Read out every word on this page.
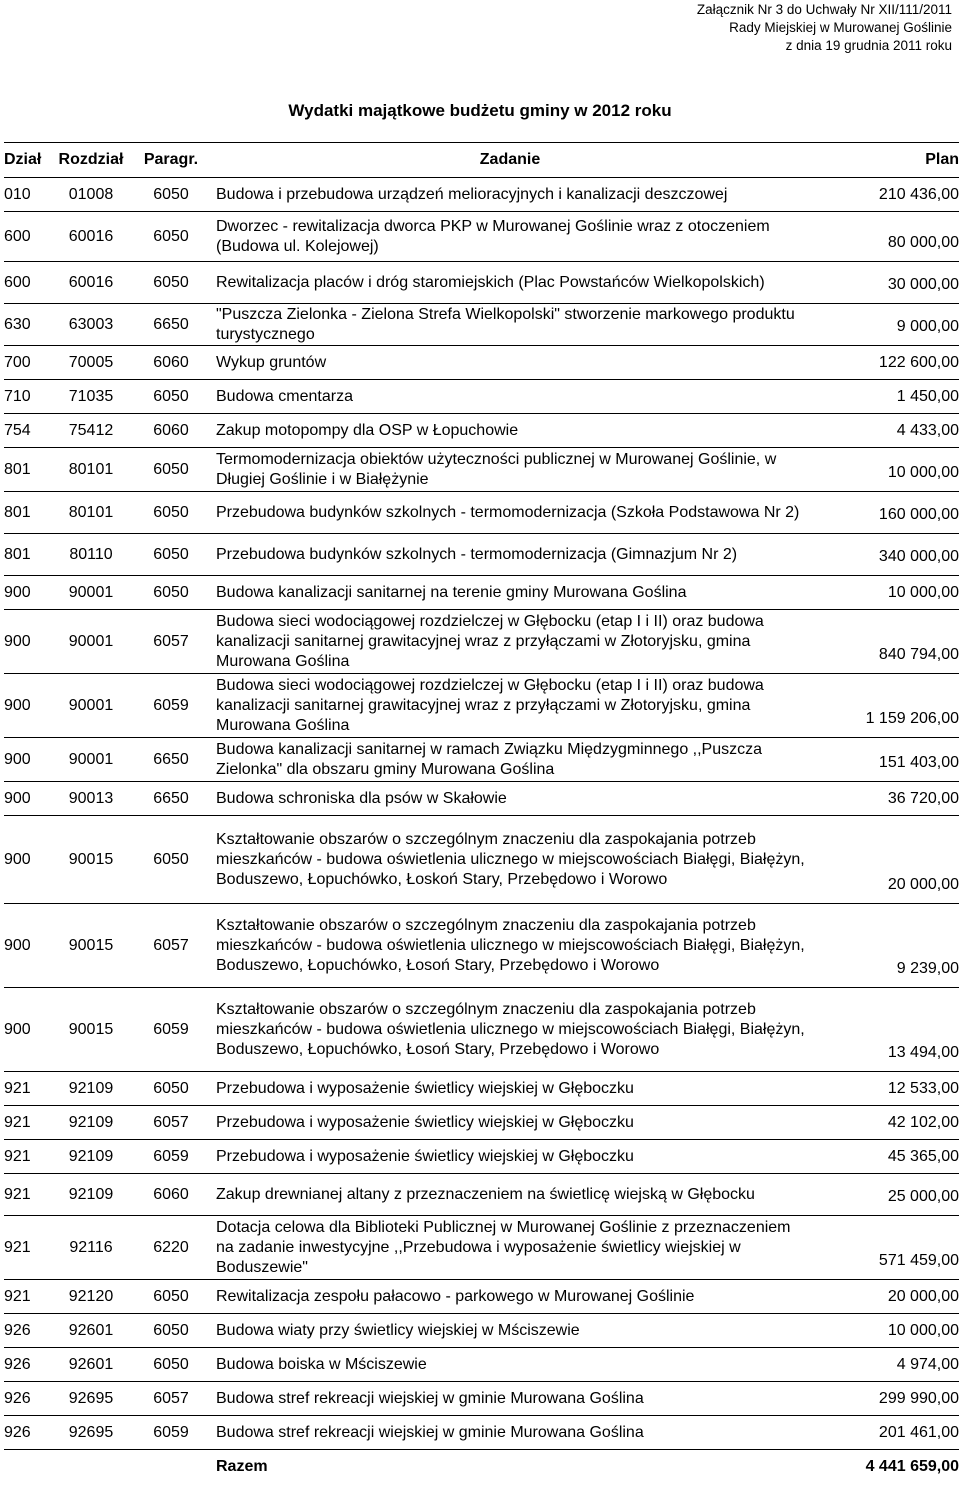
Załącznik Nr 3 do Uchwały Nr XII/111/2011
Rady Miejskiej w Murowanej Goślinie
z dnia 19 grudnia 2011 roku
Wydatki majątkowe budżetu gminy w 2012 roku
Dział	Rozdział	Paragr.	Zadanie	Plan
010	01008	6050	Budowa i przebudowa urządzeń melioracyjnych i kanalizacji deszczowej	210 436,00
600	60016	6050	Dworzec - rewitalizacja dworca PKP w Murowanej Goślinie wraz z otoczeniem (Budowa ul. Kolejowej)	80 000,00
600	60016	6050	Rewitalizacja placów i dróg staromiejskich (Plac Powstańców Wielkopolskich)	30 000,00
630	63003	6650	"Puszcza Zielonka - Zielona Strefa Wielkopolski" stworzenie markowego produktu turystycznego	9 000,00
700	70005	6060	Wykup gruntów	122 600,00
710	71035	6050	Budowa cmentarza	1 450,00
754	75412	6060	Zakup motopompy dla OSP w Łopuchowie	4 433,00
801	80101	6050	Termomodernizacja obiektów użyteczności publicznej w Murowanej Goślinie, w Długiej Goślinie i w Białężynie	10 000,00
801	80101	6050	Przebudowa budynków szkolnych - termomodernizacja (Szkoła Podstawowa Nr 2)	160 000,00
801	80110	6050	Przebudowa budynków szkolnych - termomodernizacja (Gimnazjum Nr 2)	340 000,00
900	90001	6050	Budowa kanalizacji sanitarnej na terenie gminy Murowana Goślina	10 000,00
900	90001	6057	Budowa sieci wodociągowej rozdzielczej w Głębocku (etap I i II) oraz budowa kanalizacji sanitarnej grawitacyjnej wraz z przyłączami w Złotoryjsku, gmina Murowana Goślina	840 794,00
900	90001	6059	Budowa sieci wodociągowej rozdzielczej w Głębocku (etap I i II) oraz budowa kanalizacji sanitarnej grawitacyjnej wraz z przyłączami w Złotoryjsku, gmina Murowana Goślina	1 159 206,00
900	90001	6650	Budowa kanalizacji sanitarnej w ramach Związku Międzygminnego ,,Puszcza Zielonka" dla obszaru gminy Murowana Goślina	151 403,00
900	90013	6650	Budowa schroniska dla psów w Skałowie	36 720,00
900	90015	6050	Kształtowanie obszarów o szczególnym znaczeniu dla zaspokajania potrzeb mieszkańców - budowa oświetlenia ulicznego w miejscowościach Białęgi, Białężyn, Boduszewo, Łopuchówko, Łoskoń Stary, Przebędowo i Worowo	20 000,00
900	90015	6057	Kształtowanie obszarów o szczególnym znaczeniu dla zaspokajania potrzeb mieszkańców - budowa oświetlenia ulicznego w miejscowościach Białęgi, Białężyn, Boduszewo, Łopuchówko, Łosoń Stary, Przebędowo i Worowo	9 239,00
900	90015	6059	Kształtowanie obszarów o szczególnym znaczeniu dla zaspokajania potrzeb mieszkańców - budowa oświetlenia ulicznego w miejscowościach Białęgi, Białężyn, Boduszewo, Łopuchówko, Łosoń Stary, Przebędowo i Worowo	13 494,00
921	92109	6050	Przebudowa i wyposażenie świetlicy wiejskiej w Głęboczku	12 533,00
921	92109	6057	Przebudowa i wyposażenie świetlicy wiejskiej w Głęboczku	42 102,00
921	92109	6059	Przebudowa i wyposażenie świetlicy wiejskiej w Głęboczku	45 365,00
921	92109	6060	Zakup drewnianej altany z przeznaczeniem na świetlicę wiejską w Głębocku	25 000,00
921	92116	6220	Dotacja celowa dla Biblioteki Publicznej w Murowanej Goślinie z przeznaczeniem na zadanie inwestycyjne ,,Przebudowa i wyposażenie świetlicy wiejskiej w Boduszewie"	571 459,00
921	92120	6050	Rewitalizacja zespołu pałacowo - parkowego w Murowanej Goślinie	20 000,00
926	92601	6050	Budowa wiaty przy świetlicy wiejskiej w Mściszewie	10 000,00
926	92601	6050	Budowa boiska w Mściszewie	4 974,00
926	92695	6057	Budowa stref rekreacji wiejskiej w gminie Murowana Goślina	299 990,00
926	92695	6059	Budowa stref rekreacji wiejskiej w gminie Murowana Goślina	201 461,00
			Razem	4 441 659,00
